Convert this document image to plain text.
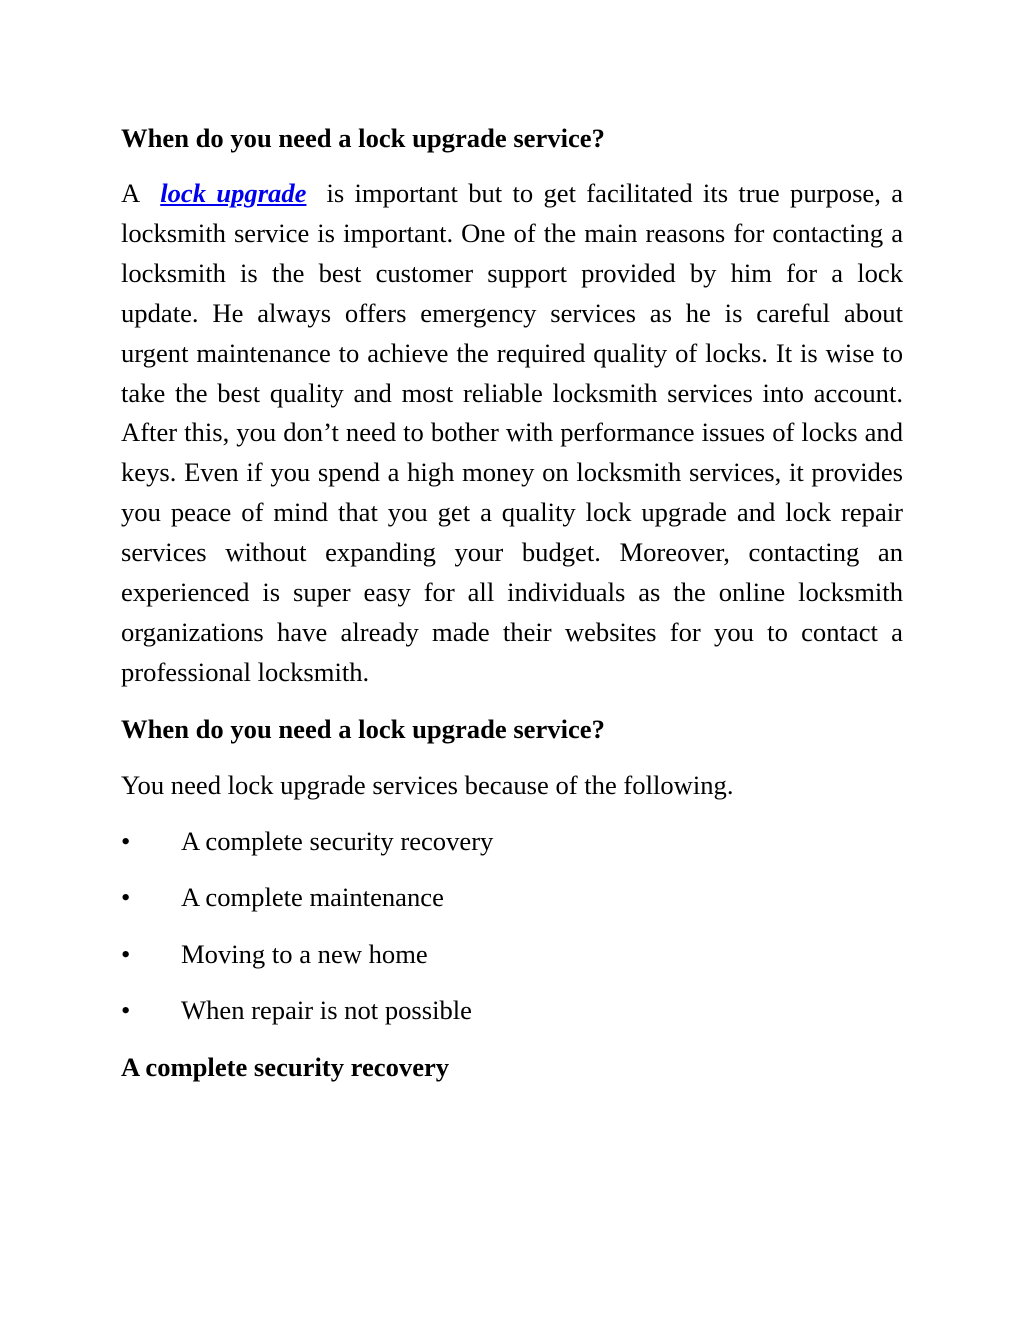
When do you need a lock upgrade service?

A lock upgrade is important but to get facilitated its true purpose, a locksmith service is important. One of the main reasons for contacting a locksmith is the best customer support provided by him for a lock update. He always offers emergency services as he is careful about urgent maintenance to achieve the required quality of locks. It is wise to take the best quality and most reliable locksmith services into account. After this, you don’t need to bother with performance issues of locks and keys. Even if you spend a high money on locksmith services, it provides you peace of mind that you get a quality lock upgrade and lock repair services without expanding your budget. Moreover, contacting an experienced is super easy for all individuals as the online locksmith organizations have already made their websites for you to contact a professional locksmith.

When do you need a lock upgrade service?

You need lock upgrade services because of the following.

•	A complete security recovery
•	A complete maintenance
•	Moving to a new home
•	When repair is not possible

A complete security recovery
